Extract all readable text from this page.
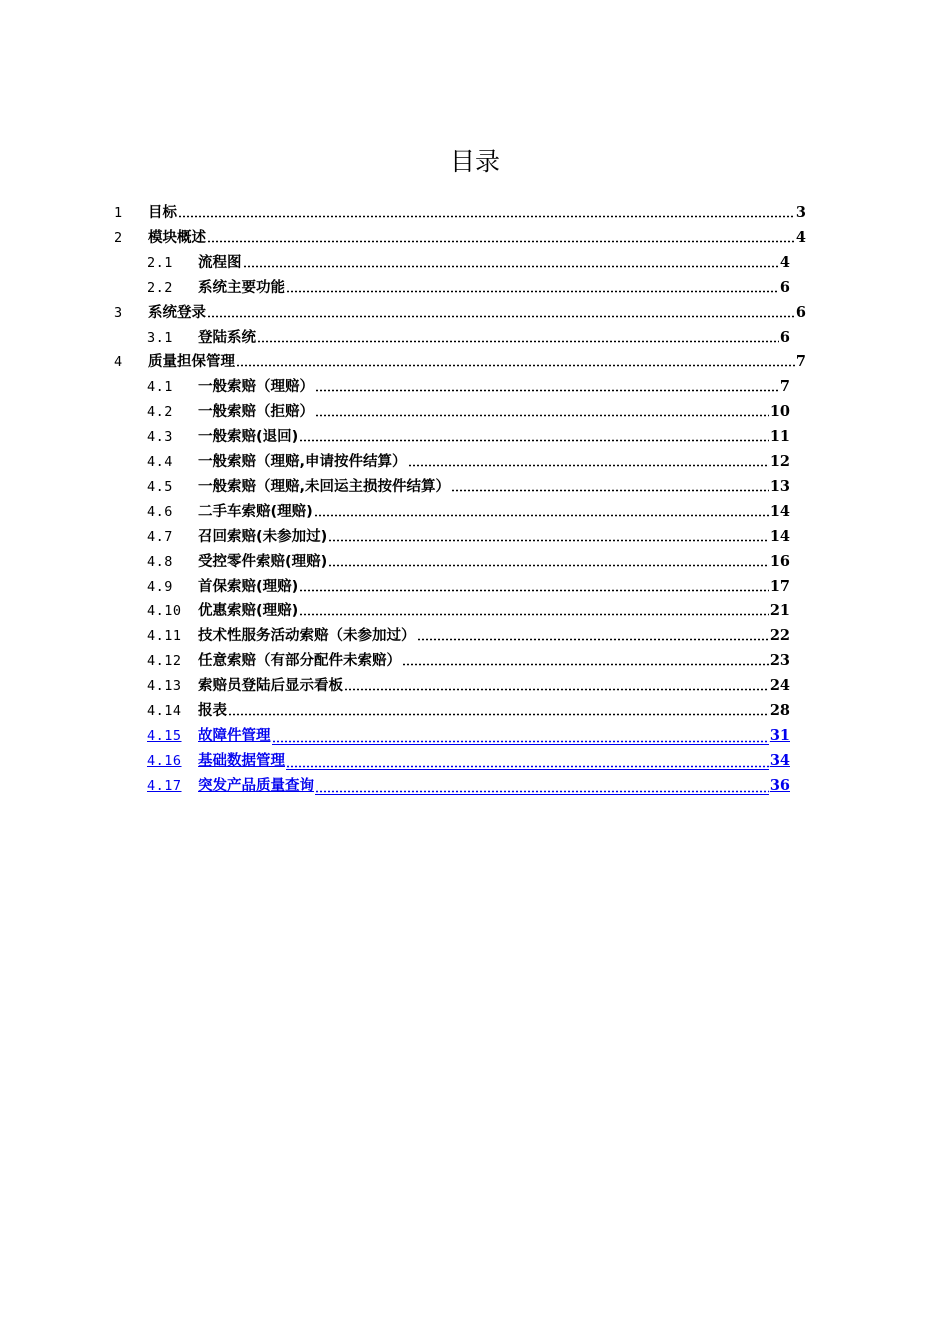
目录
1	目标	3
2	模块概述	4
2.1	流程图	4
2.2	系统主要功能	6
3	系统登录	6
3.1	登陆系统	6
4	质量担保管理	7
4.1	一般索赔（理赔）	7
4.2	一般索赔（拒赔）	10
4.3	一般索赔(退回)	11
4.4	一般索赔（理赔,申请按件结算）	12
4.5	一般索赔（理赔,未回运主损按件结算）	13
4.6	二手车索赔(理赔)	14
4.7	召回索赔(未参加过)	14
4.8	受控零件索赔(理赔)	16
4.9	首保索赔(理赔)	17
4.10	优惠索赔(理赔)	21
4.11	技术性服务活动索赔（未参加过）	22
4.12	任意索赔（有部分配件未索赔）	23
4.13	索赔员登陆后显示看板	24
4.14	报表	28
4.15	故障件管理	31
4.16	基础数据管理	34
4.17	突发产品质量查询	36
